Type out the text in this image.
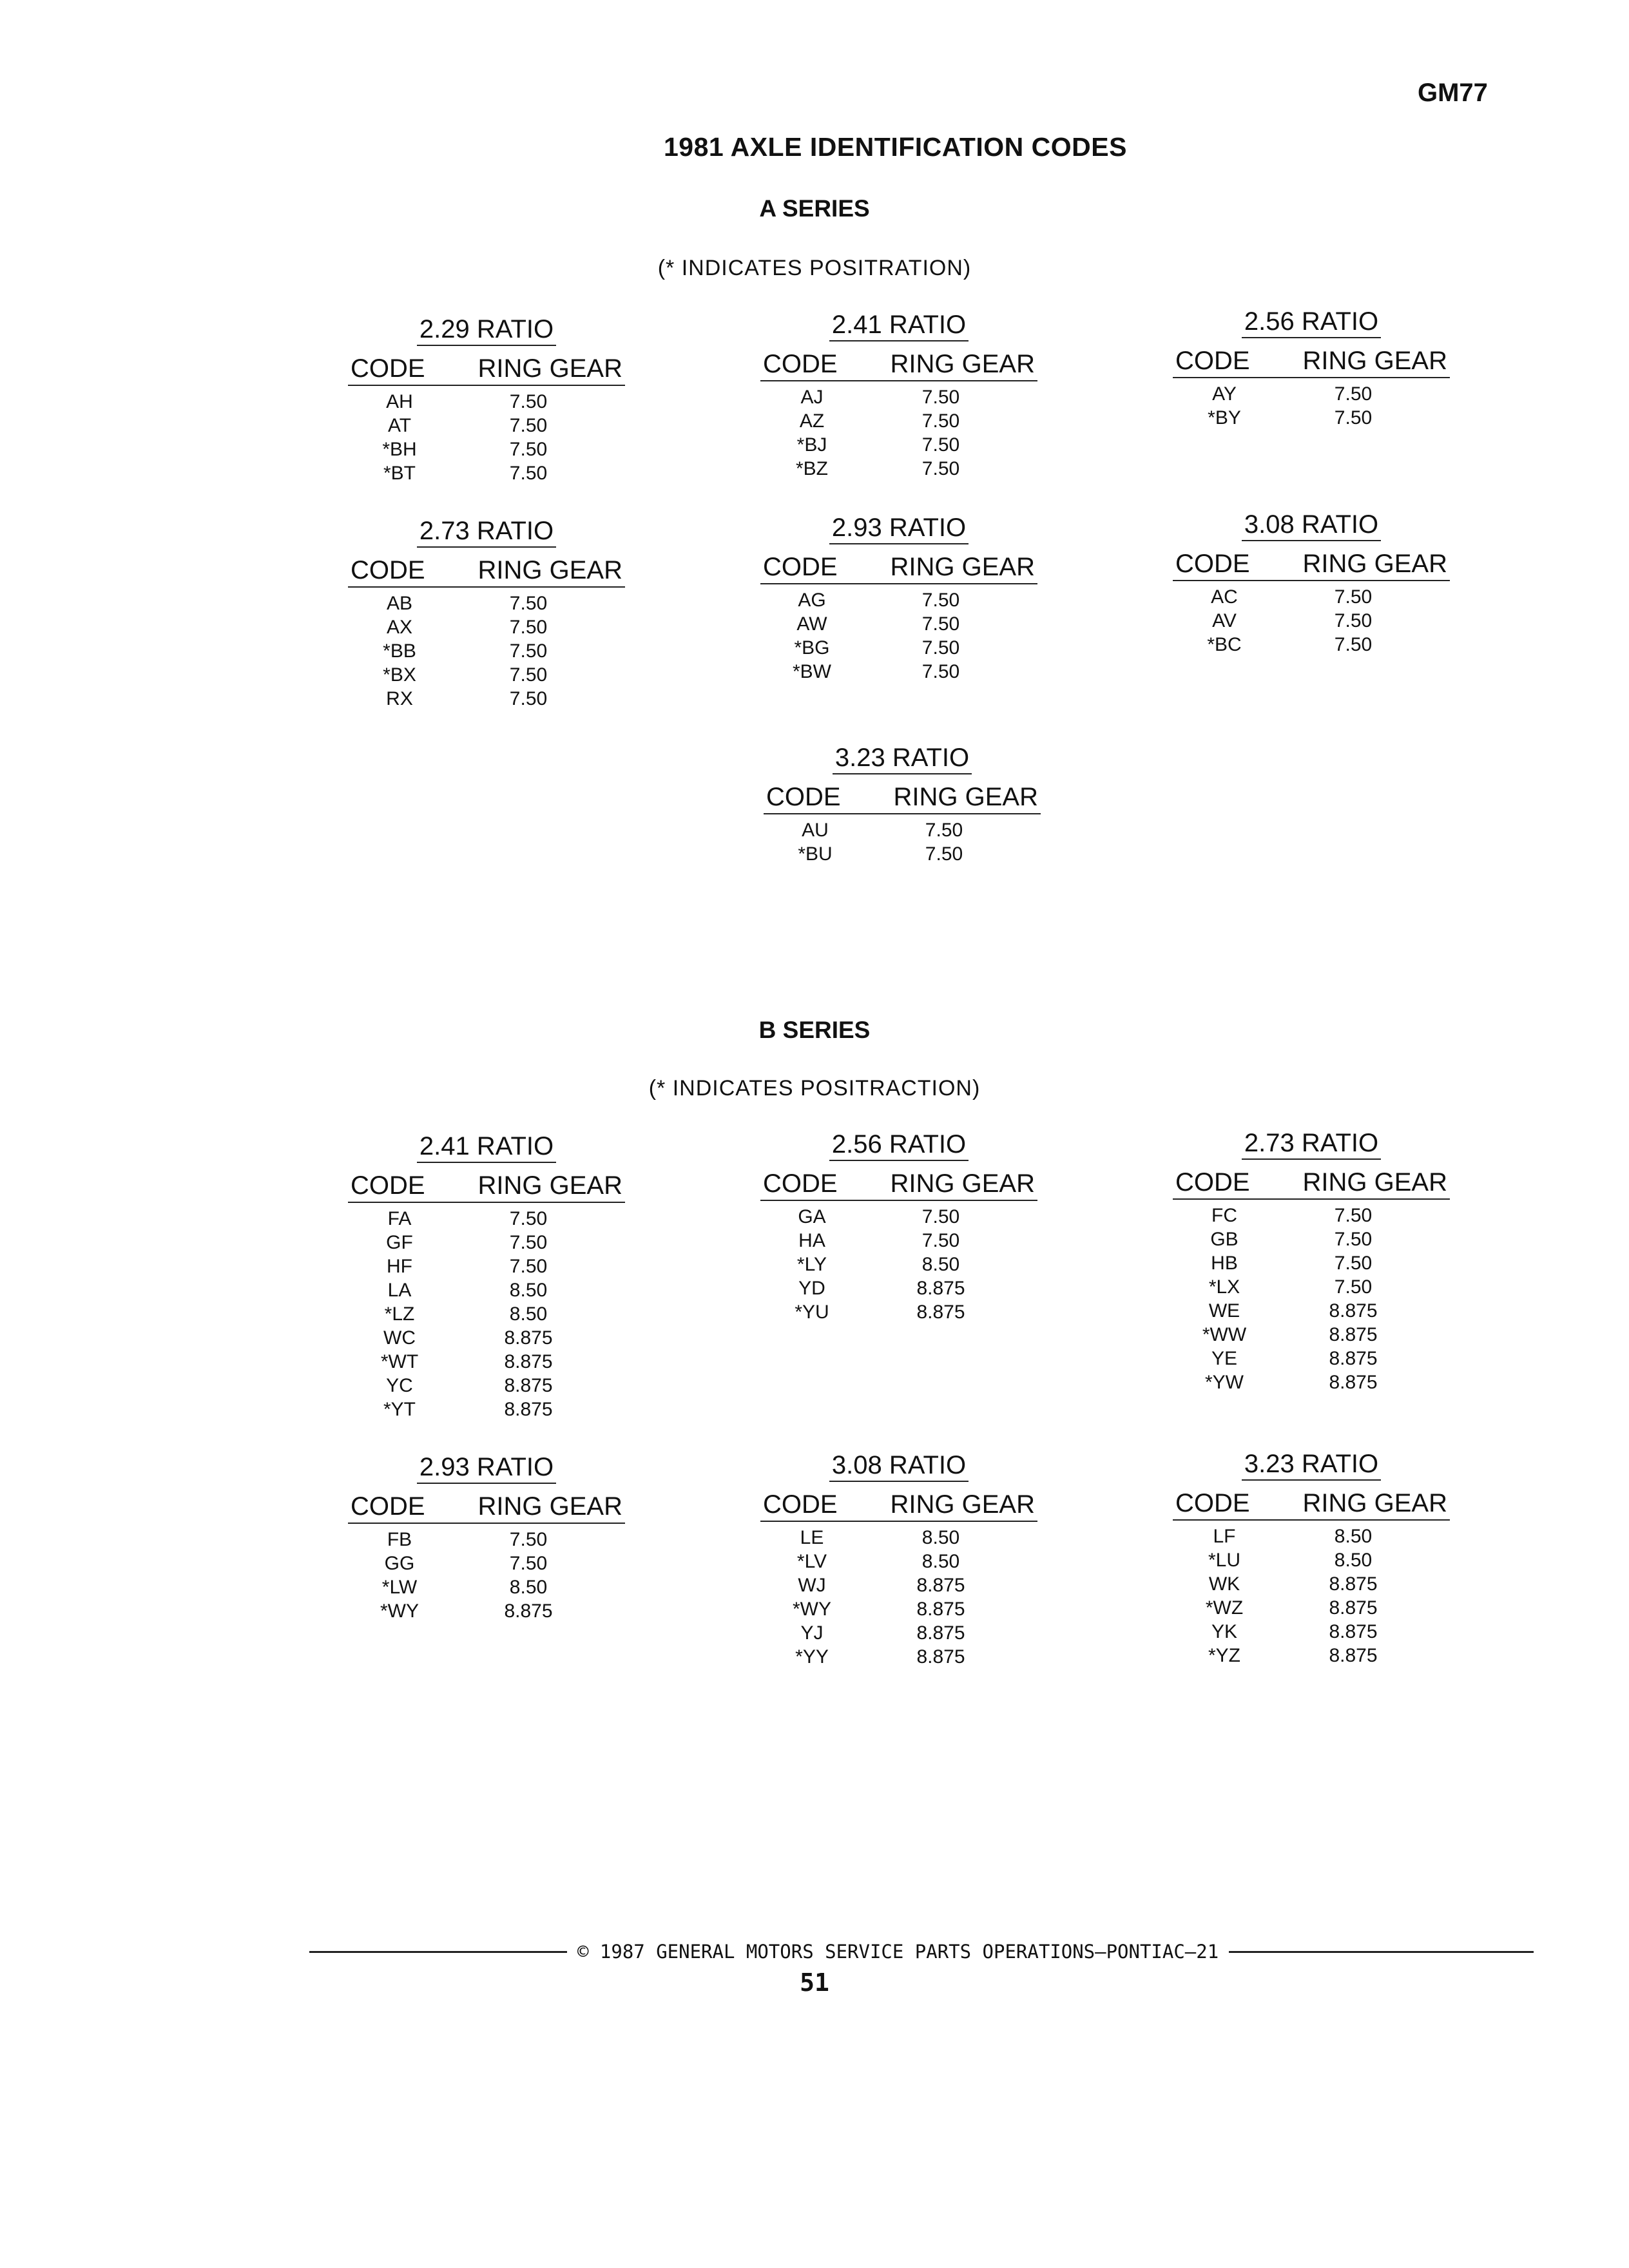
GM77
1981 AXLE IDENTIFICATION CODES
A SERIES
(* INDICATES POSITRATION)
B SERIES
(* INDICATES POSITRACTION)
2.29 RATIO
CODE	RING GEAR
AH	7.50
AT	7.50
*BH	7.50
*BT	7.50
2.41 RATIO
CODE	RING GEAR
AJ	7.50
AZ	7.50
*BJ	7.50
*BZ	7.50
2.56 RATIO
CODE	RING GEAR
AY	7.50
*BY	7.50
2.73 RATIO
CODE	RING GEAR
AB	7.50
AX	7.50
*BB	7.50
*BX	7.50
RX	7.50
2.93 RATIO
CODE	RING GEAR
AG	7.50
AW	7.50
*BG	7.50
*BW	7.50
3.08 RATIO
CODE	RING GEAR
AC	7.50
AV	7.50
*BC	7.50
3.23 RATIO
CODE	RING GEAR
AU	7.50
*BU	7.50
2.41 RATIO
CODE	RING GEAR
FA	7.50
GF	7.50
HF	7.50
LA	8.50
*LZ	8.50
WC	8.875
*WT	8.875
YC	8.875
*YT	8.875
2.56 RATIO
CODE	RING GEAR
GA	7.50
HA	7.50
*LY	8.50
YD	8.875
*YU	8.875
2.73 RATIO
CODE	RING GEAR
FC	7.50
GB	7.50
HB	7.50
*LX	7.50
WE	8.875
*WW	8.875
YE	8.875
*YW	8.875
2.93 RATIO
CODE	RING GEAR
FB	7.50
GG	7.50
*LW	8.50
*WY	8.875
3.08 RATIO
CODE	RING GEAR
LE	8.50
*LV	8.50
WJ	8.875
*WY	8.875
YJ	8.875
*YY	8.875
3.23 RATIO
CODE	RING GEAR
LF	8.50
*LU	8.50
WK	8.875
*WZ	8.875
YK	8.875
*YZ	8.875
© 1987 GENERAL MOTORS SERVICE PARTS OPERATIONS—PONTIAC—21
51
